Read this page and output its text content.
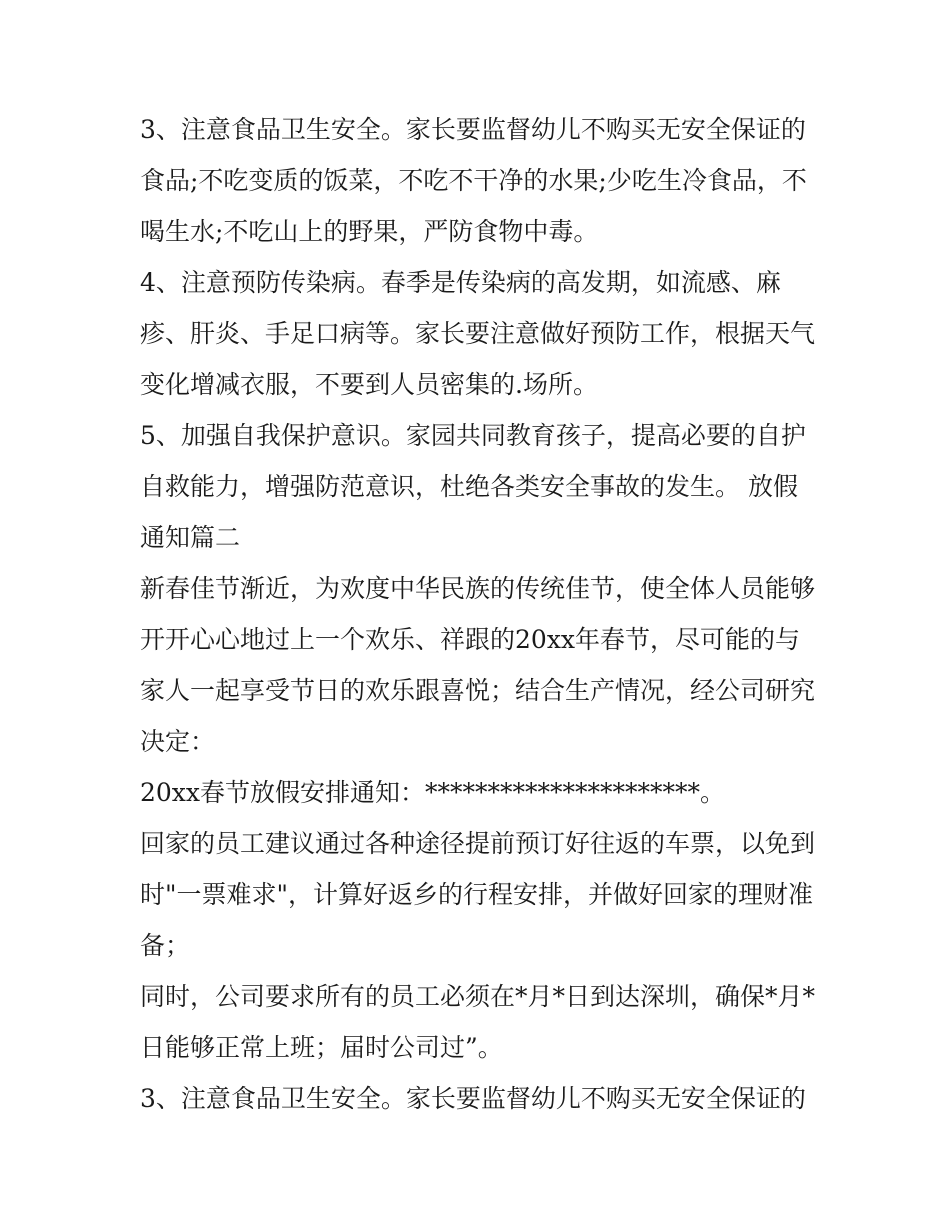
3、注意食品卫生安全。家长要监督幼儿不购买无安全保证的
食品;不吃变质的饭菜，不吃不干净的水果;少吃生冷食品，不
喝生水;不吃山上的野果，严防食物中毒。
4、注意预防传染病。春季是传染病的高发期，如流感、麻
疹、肝炎、手足口病等。家长要注意做好预防工作，根据天气
变化增减衣服，不要到人员密集的.场所。
5、加强自我保护意识。家园共同教育孩子，提高必要的自护
自救能力，增强防范意识，杜绝各类安全事故的发生。 放假
通知篇二
新春佳节渐近，为欢度中华民族的传统佳节，使全体人员能够
开开心心地过上一个欢乐、祥跟的20xx年春节，尽可能的与
家人一起享受节日的欢乐跟喜悦；结合生产情况，经公司研究
决定：
20xx春节放假安排通知：**********************。
回家的员工建议通过各种途径提前预订好往返的车票，以免到
时"一票难求"，计算好返乡的行程安排，并做好回家的理财准
备；
同时，公司要求所有的员工必须在*月*日到达深圳，确保*月*
日能够正常上班；届时公司过”。
3、注意食品卫生安全。家长要监督幼儿不购买无安全保证的
